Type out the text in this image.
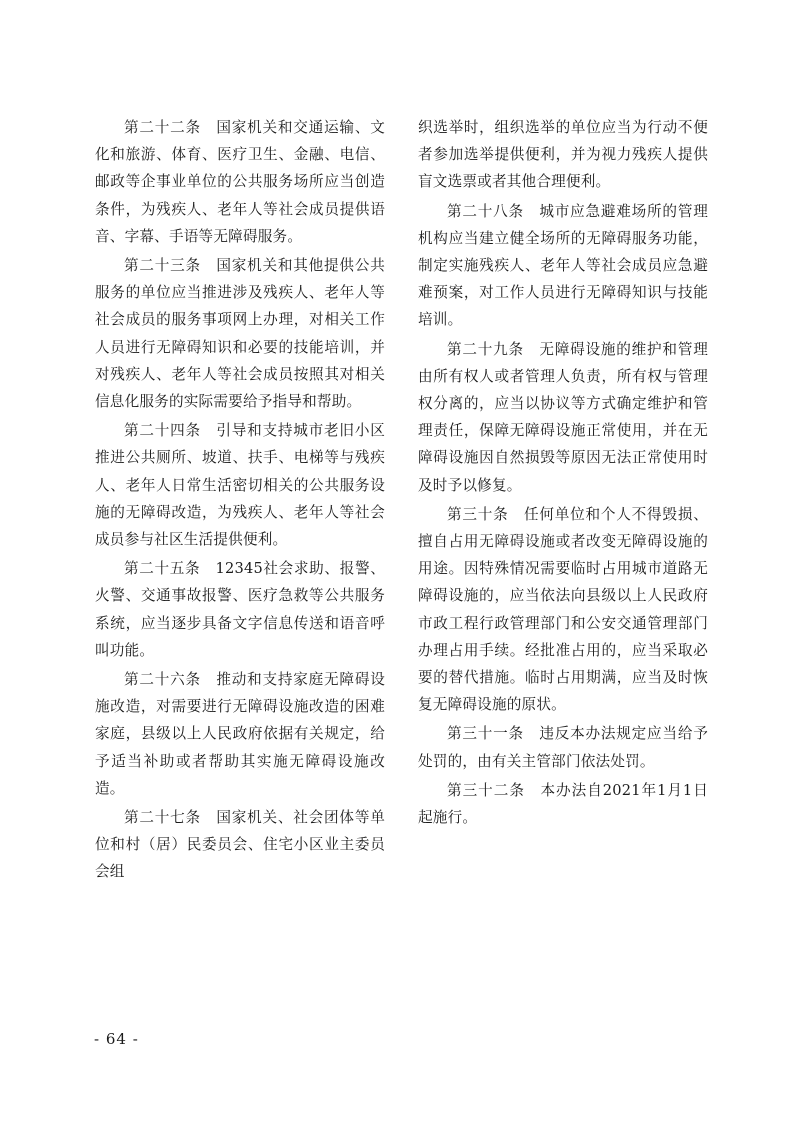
第二十二条　国家机关和交通运输、文化和旅游、体育、医疗卫生、金融、电信、邮政等企事业单位的公共服务场所应当创造条件，为残疾人、老年人等社会成员提供语音、字幕、手语等无障碍服务。

第二十三条　国家机关和其他提供公共服务的单位应当推进涉及残疾人、老年人等社会成员的服务事项网上办理，对相关工作人员进行无障碍知识和必要的技能培训，并对残疾人、老年人等社会成员按照其对相关信息化服务的实际需要给予指导和帮助。

第二十四条　引导和支持城市老旧小区推进公共厕所、坡道、扶手、电梯等与残疾人、老年人日常生活密切相关的公共服务设施的无障碍改造，为残疾人、老年人等社会成员参与社区生活提供便利。

第二十五条　12345社会求助、报警、火警、交通事故报警、医疗急救等公共服务系统，应当逐步具备文字信息传送和语音呼叫功能。

第二十六条　推动和支持家庭无障碍设施改造，对需要进行无障碍设施改造的困难家庭，县级以上人民政府依据有关规定，给予适当补助或者帮助其实施无障碍设施改造。

第二十七条　国家机关、社会团体等单位和村（居）民委员会、住宅小区业主委员会组

织选举时，组织选举的单位应当为行动不便者参加选举提供便利，并为视力残疾人提供盲文选票或者其他合理便利。

第二十八条　城市应急避难场所的管理机构应当建立健全场所的无障碍服务功能，制定实施残疾人、老年人等社会成员应急避难预案，对工作人员进行无障碍知识与技能培训。

第二十九条　无障碍设施的维护和管理由所有权人或者管理人负责，所有权与管理权分离的，应当以协议等方式确定维护和管理责任，保障无障碍设施正常使用，并在无障碍设施因自然损毁等原因无法正常使用时及时予以修复。

第三十条　任何单位和个人不得毁损、擅自占用无障碍设施或者改变无障碍设施的用途。因特殊情况需要临时占用城市道路无障碍设施的，应当依法向县级以上人民政府市政工程行政管理部门和公安交通管理部门办理占用手续。经批准占用的，应当采取必要的替代措施。临时占用期满，应当及时恢复无障碍设施的原状。

第三十一条　违反本办法规定应当给予处罚的，由有关主管部门依法处罚。

第三十二条　本办法自2021年1月1日起施行。

- 64 -
